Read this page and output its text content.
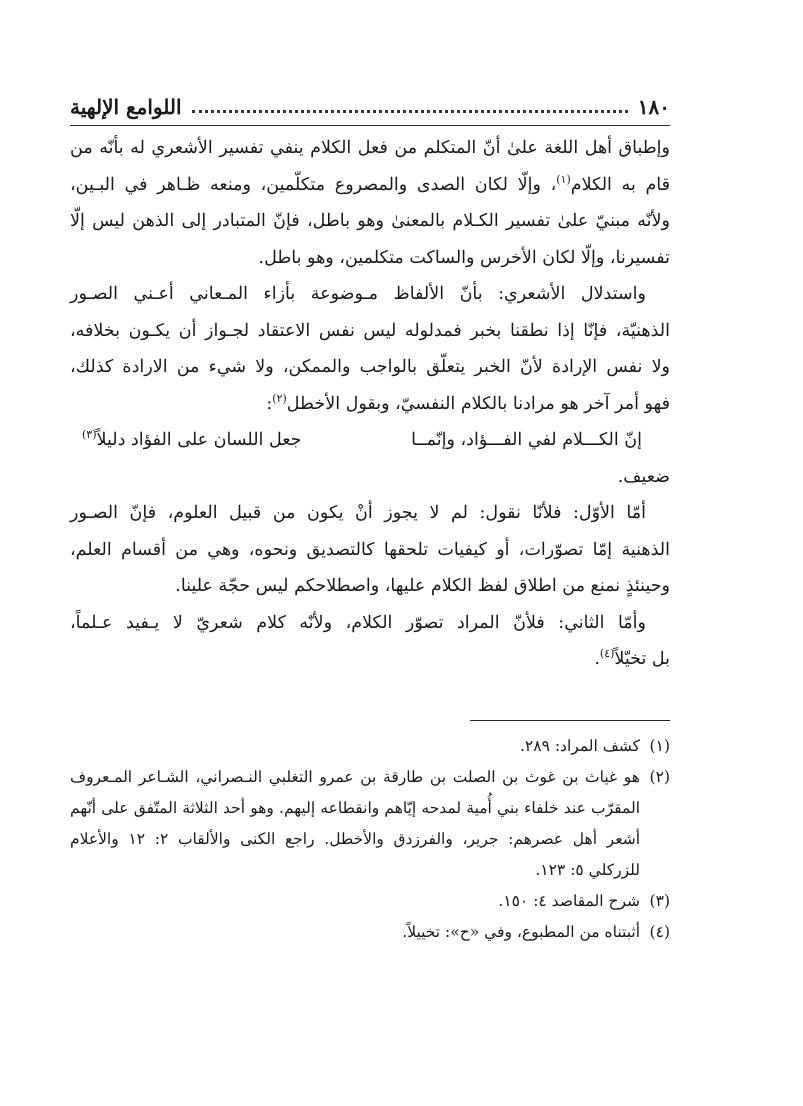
١٨٠
اللوامع الإلهية

وإطباق أهل اللغة علىٰ أنّ المتكلم من فعل الكلام ينفي تفسير الأشعري له بأنّه من

قام به الكلام$^{(١)}$، وإلّا لكان الصدى والمصروع متكلّمين، ومنعه ظـاهر في البـين،

ولأنّه مبنيّ علىٰ تفسير الكـلام بالمعنىٰ وهو باطل، فإنّ المتبادر إلى الذهن ليس إلّا

تفسيرنا، وإلّا لكان الأخرس والساكت متكلمين، وهو باطل.

واستدلال الأشعري: بأنّ الألفاظ مـوضوعة بأزاء المـعاني أعـني الصـور

الذهنيّة، فإنّا إذا نطقنا بخبر فمدلوله ليس نفس الاعتقاد لجـواز أن يكـون بخلافه،

ولا نفس الإرادة لأنّ الخبر يتعلّق بالواجب والممكن، ولا شيء من الارادة كذلك،

فهو أمر آخر هو مرادنا بالكلام النفسيّ، وبقول الأخطل$^{(٢)}$:

إنّ الكـــلام لفي الفـــؤاد، وإنّمــا
جعل اللسان على الفؤاد دليلاً$^{(٣)}$

ضعيف.

أمّا الأوّل: فلأنّا نقول: لم لا يجوز أنْ يكون من قبيل العلوم، فإنّ الصـور

الذهنية إمّا تصوّرات، أو كيفيات تلحقها كالتصديق ونحوه، وهي من أقسام العلم،

وحينئذٍ نمنع من اطلاق لفظ الكلام عليها، واصطلاحكم ليس حجّة علينا.

وأمّا الثاني: فلأنّ المراد تصوّر الكلام، ولأنّه كلام شعريّ لا يـفيد عـلماً،

بل تخيّلاً$^{(٤)}$.

(١)
كشف المراد: ٢٨٩.
(٢)
هو غياث بن غوث بن الصلت بن طارقة بن عمرو التغلبي النـصراني، الشـاعر المـعروف المقرّب عند خلفاء بني أُمية لمدحه إيّاهم وانقطاعه إليهم. وهو أحد الثلاثة المتّفق على أنّهم أشعر أهل عصرهم: جرير، والفرزدق والأخطل. راجع الكنى والألقاب ٢: ١٢ والأعلام للزركلي ٥: ١٢٣.
(٣)
شرح المقاصد ٤: ١٥٠.
(٤)
أثبتناه من المطبوع، وفي «ح»: تخييلاً.
